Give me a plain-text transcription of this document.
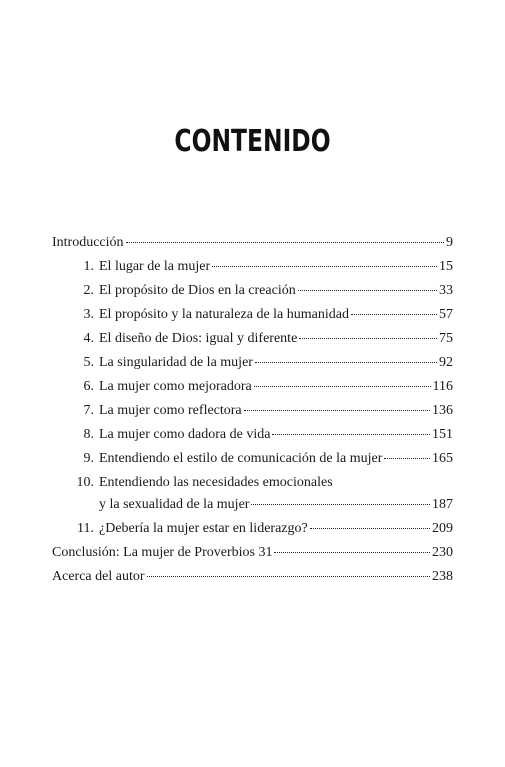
CONTENIDO
Introducción	9
1. El lugar de la mujer	15
2. El propósito de Dios en la creación	33
3. El propósito y la naturaleza de la humanidad	57
4. El diseño de Dios: igual y diferente	75
5. La singularidad de la mujer	92
6. La mujer como mejoradora	116
7. La mujer como reflectora	136
8. La mujer como dadora de vida	151
9. Entendiendo el estilo de comunicación de la mujer	165
10. Entendiendo las necesidades emocionales
y la sexualidad de la mujer	187
11. ¿Debería la mujer estar en liderazgo?	209
Conclusión: La mujer de Proverbios 31	230
Acerca del autor	238
